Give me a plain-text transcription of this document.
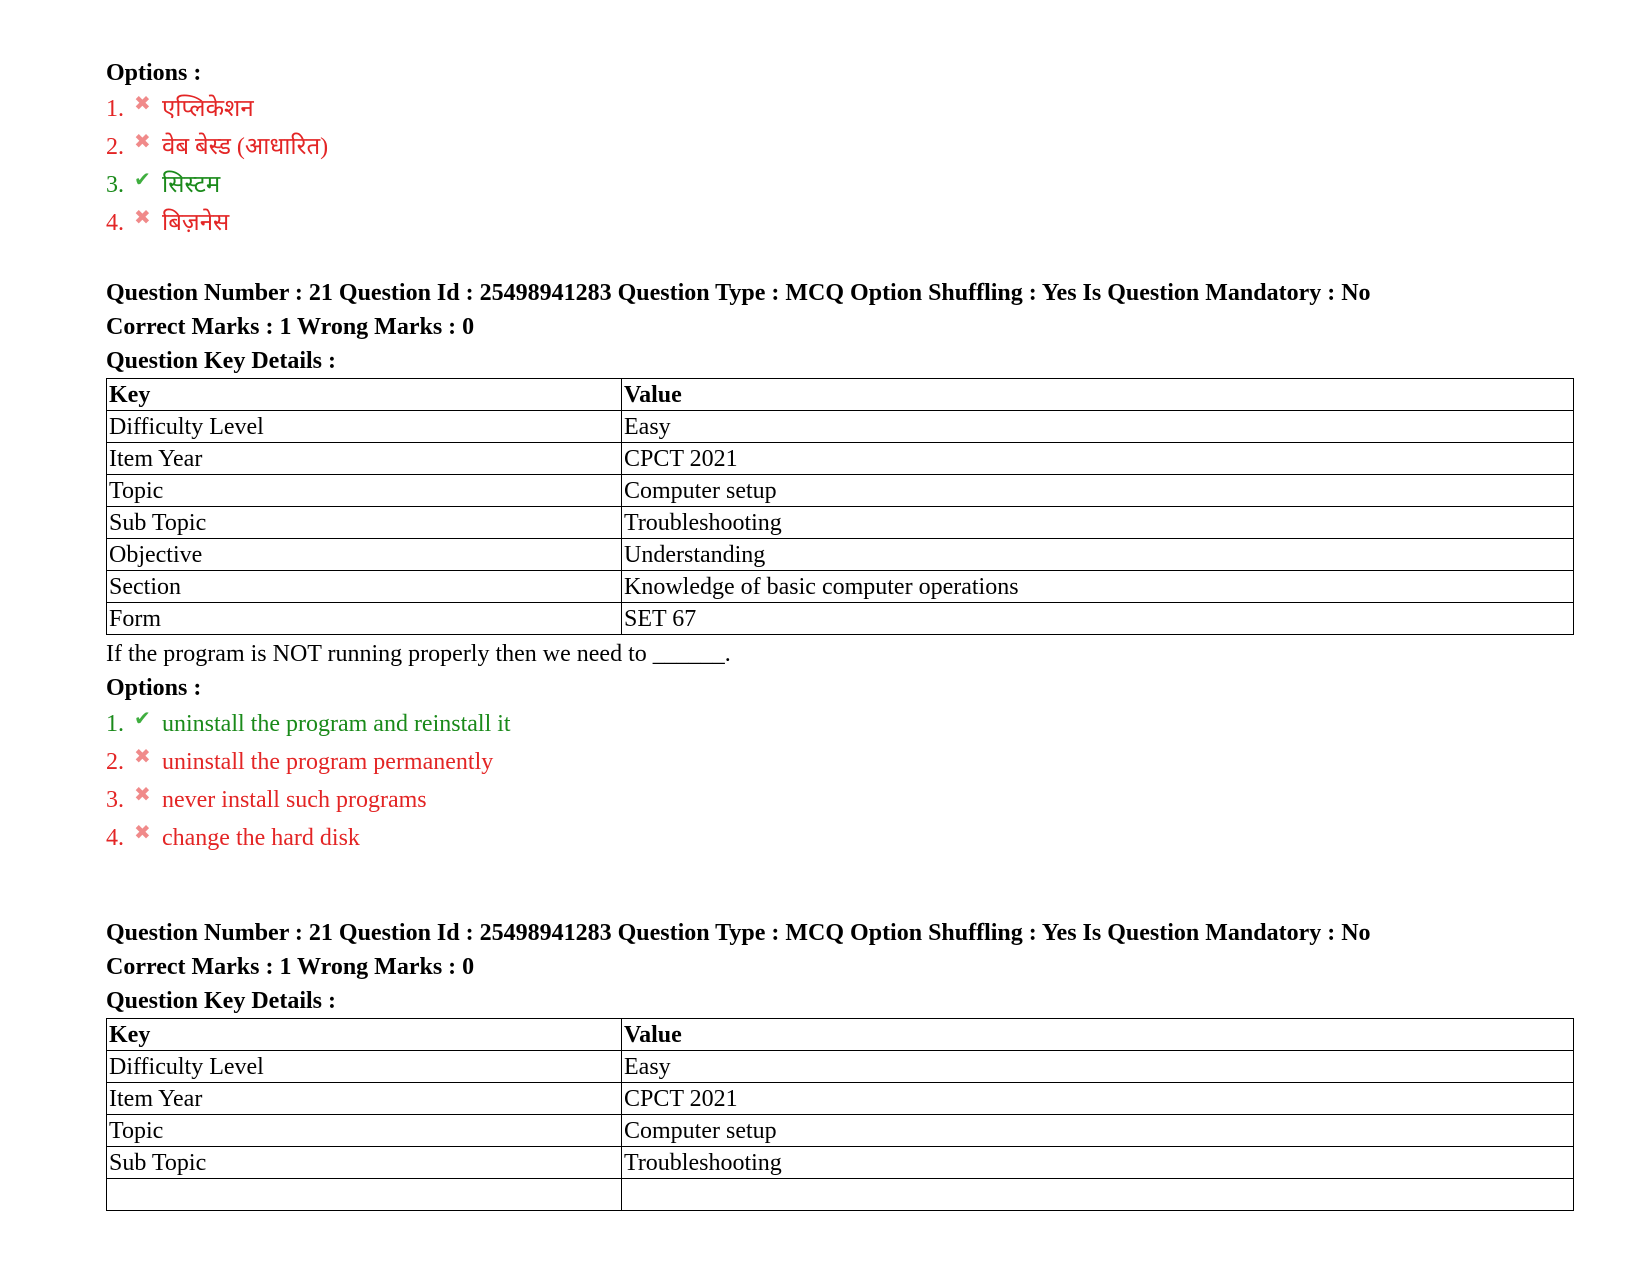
Options :
1. ✖ एप्लिकेशन
2. ✖ वेब बेस्ड (आधारित)
3. ✔ सिस्टम
4. ✖ बिज़नेस
Question Number : 21 Question Id : 25498941283 Question Type : MCQ Option Shuffling : Yes Is Question Mandatory : No
Correct Marks : 1 Wrong Marks : 0
Question Key Details :
Key	Value
Difficulty Level	Easy
Item Year	CPCT 2021
Topic	Computer setup
Sub Topic	Troubleshooting
Objective	Understanding
Section	Knowledge of basic computer operations
Form	SET 67
If the program is NOT running properly then we need to ______.
Options :
1. ✔ uninstall the program and reinstall it
2. ✖ uninstall the program permanently
3. ✖ never install such programs
4. ✖ change the hard disk
Question Number : 21 Question Id : 25498941283 Question Type : MCQ Option Shuffling : Yes Is Question Mandatory : No
Correct Marks : 1 Wrong Marks : 0
Question Key Details :
Key	Value
Difficulty Level	Easy
Item Year	CPCT 2021
Topic	Computer setup
Sub Topic	Troubleshooting
